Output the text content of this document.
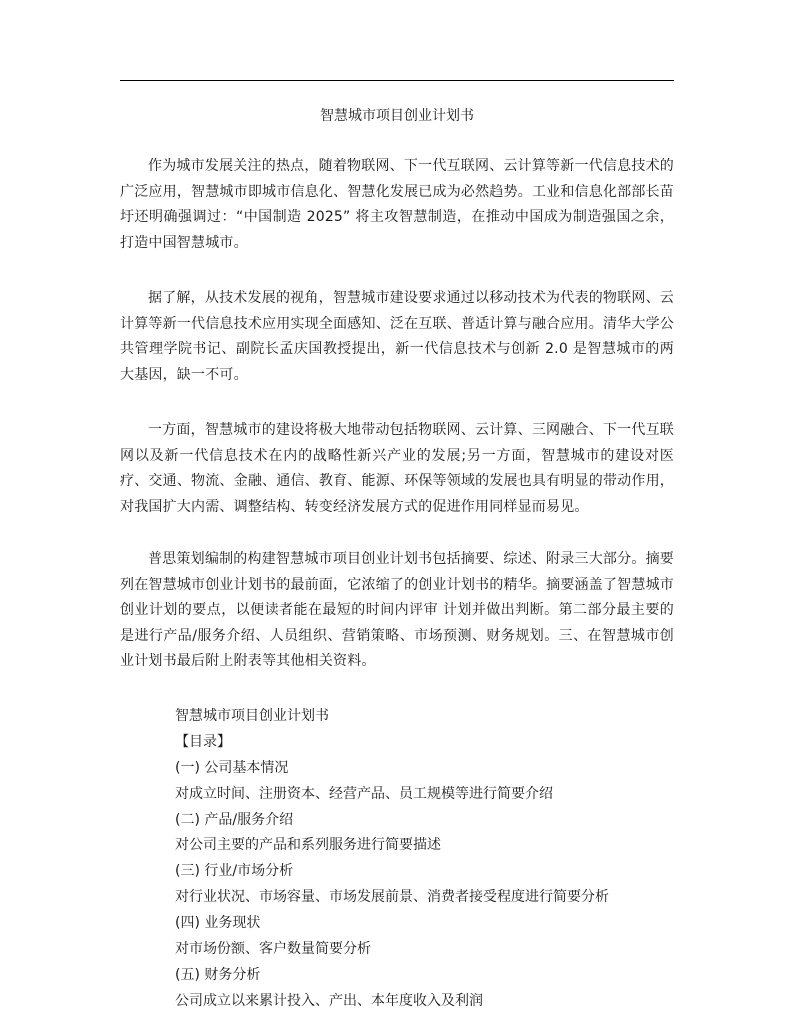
智慧城市项目创业计划书

作为城市发展关注的热点，随着物联网、下一代互联网、云计算等新一代信息技术的广泛应用，智慧城市即城市信息化、智慧化发展已成为必然趋势。工业和信息化部部长苗圩还明确强调过：“中国制造 2025” 将主攻智慧制造，在推动中国成为制造强国之余，打造中国智慧城市。

据了解，从技术发展的视角，智慧城市建设要求通过以移动技术为代表的物联网、云计算等新一代信息技术应用实现全面感知、泛在互联、普适计算与融合应用。清华大学公共管理学院书记、副院长孟庆国教授提出，新一代信息技术与创新 2.0 是智慧城市的两大基因，缺一不可。

一方面，智慧城市的建设将极大地带动包括物联网、云计算、三网融合、下一代互联网以及新一代信息技术在内的战略性新兴产业的发展;另一方面，智慧城市的建设对医疗、交通、物流、金融、通信、教育、能源、环保等领域的发展也具有明显的带动作用，对我国扩大内需、调整结构、转变经济发展方式的促进作用同样显而易见。

普思策划编制的构建智慧城市项目创业计划书包括摘要、综述、附录三大部分。摘要列在智慧城市创业计划书的最前面，它浓缩了的创业计划书的精华。摘要涵盖了智慧城市创业计划的要点，以便读者能在最短的时间内评审 计划并做出判断。第二部分最主要的是进行产品/服务介绍、人员组织、营销策略、市场预测、财务规划。三、在智慧城市创业计划书最后附上附表等其他相关资料。

智慧城市项目创业计划书
【目录】
(一) 公司基本情况
对成立时间、注册资本、经营产品、员工规模等进行简要介绍
(二) 产品/服务介绍
对公司主要的产品和系列服务进行简要描述
(三) 行业/市场分析
对行业状况、市场容量、市场发展前景、消费者接受程度进行简要分析
(四) 业务现状
对市场份额、客户数量简要分析
(五) 财务分析
公司成立以来累计投入、产出、本年度收入及利润
